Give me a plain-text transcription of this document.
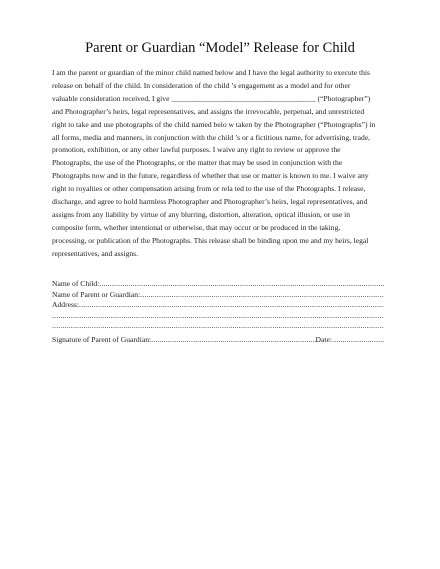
Parent or Guardian “Model” Release for Child

I am the parent or guardian of the minor child named below and I have the legal authority to execute this
release on behalf of the child. In consideration of the child ’s engagement as a model and for other
valuable consideration received, I give ______________________________________ (“Photographer”)
and Photographer’s heirs, legal representatives, and assigns the irrevocable, perpetual, and unrestricted
right to take and use photographs of the child named belo w taken by the Photographer (“Photographs”) in
all forms, media and manners, in conjunction with the child ’s or a fictitious name, for advertising, trade,
promotion, exhibition, or any other lawful purposes. I waive any right to review or approve the
Photographs, the use of the Photographs, or the matter that may be used in conjunction with the
Photographs now and in the future, regardless of whether that use or matter is known to me. I waive any
right to royalties or other compensation arising from or rela ted to the use of the Photographs. I release,
discharge, and agree to hold harmless Photographer and Photographer’s heirs, legal representatives, and
assigns from any liability by virtue of any blurring, distortion, alteration, optical illusion, or use in
composite form, whether intentional or otherwise, that may occur or be produced in the taking,
processing, or publication of the Photographs. This release shall be binding upon me and my heirs, legal
representatives, and assigns.

Name of Child:
.....
Name of Parent or Guardian:
.....
Address:
.....
.....
.....
Signature of Parent of Guardian:
.....	Date:
.....
